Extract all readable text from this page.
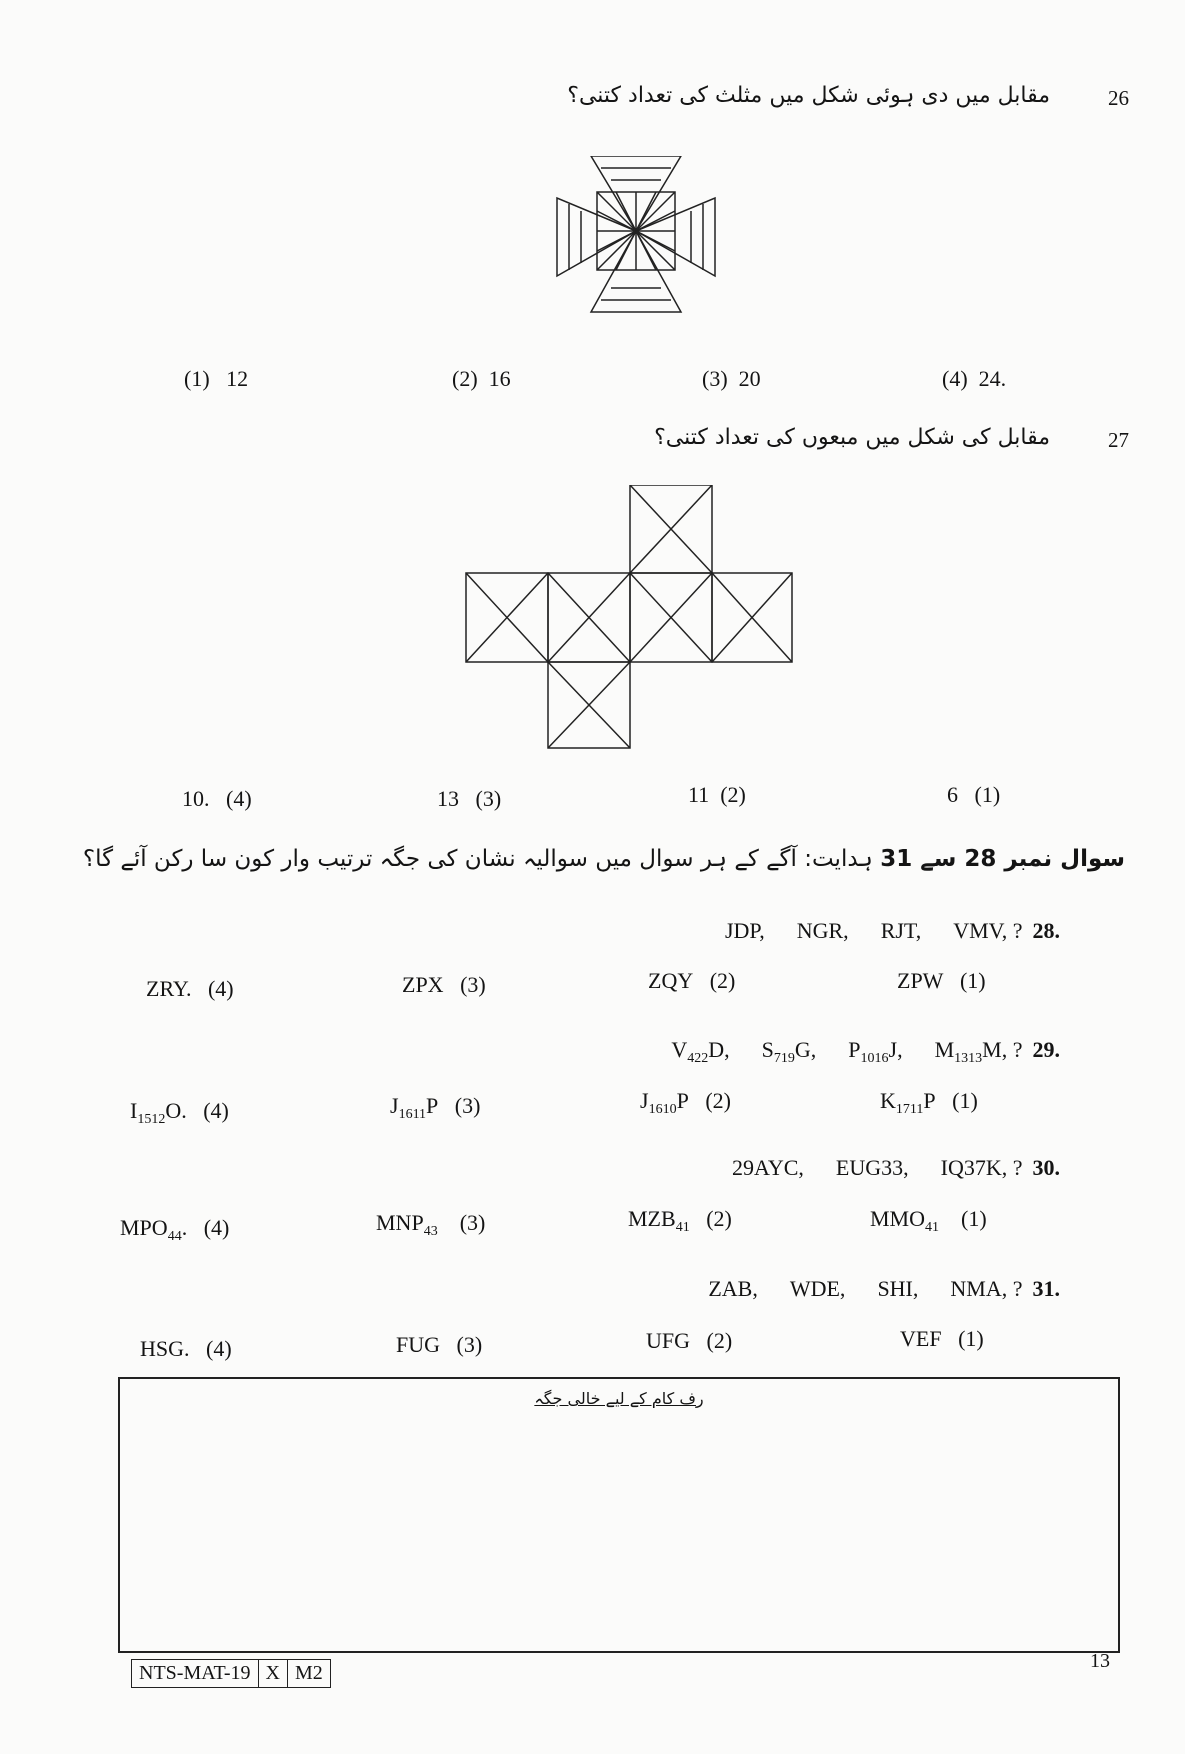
26
مقابل میں دی ہوئی شکل میں مثلث کی تعداد کتنی؟
(1) 12	(2) 16	(3) 20	(4) 24.
27
مقابل کی شکل میں مبعوں کی تعداد کتنی؟
10. (4)	13 (3)	11 (2)	6 (1)
سوال نمبر 28 سے 31 ہدایت: آگے کے ہر سوال میں سوالیہ نشان کی جگہ ترتیب وار کون سا رکن آئے گا؟
JDP, NGR, RJT, VMV, ? 28.
ZRY. (4)	ZPX (3)	ZQY (2)	ZPW (1)
$V_{422}D$, $S_{719}G$, $P_{1016}J$, $M_{1313}M$, ? 29.
$I_{1512}O$. (4)	$J_{1611}P$ (3)	$J_{1610}P$ (2)	$K_{1711}P$ (1)
29AYC, EUG33, IQ37K, ? 30.
$MPO_{44}$. (4)	$MNP_{43}$ (3)	$MZB_{41}$ (2)	$MMO_{41}$ (1)
ZAB, WDE, SHI, NMA, ? 31.
HSG. (4)	FUG (3)	UFG (2)	VEF (1)
رف کام کے لیے خالی جگہ
NTS-MAT-19 X M2
13
